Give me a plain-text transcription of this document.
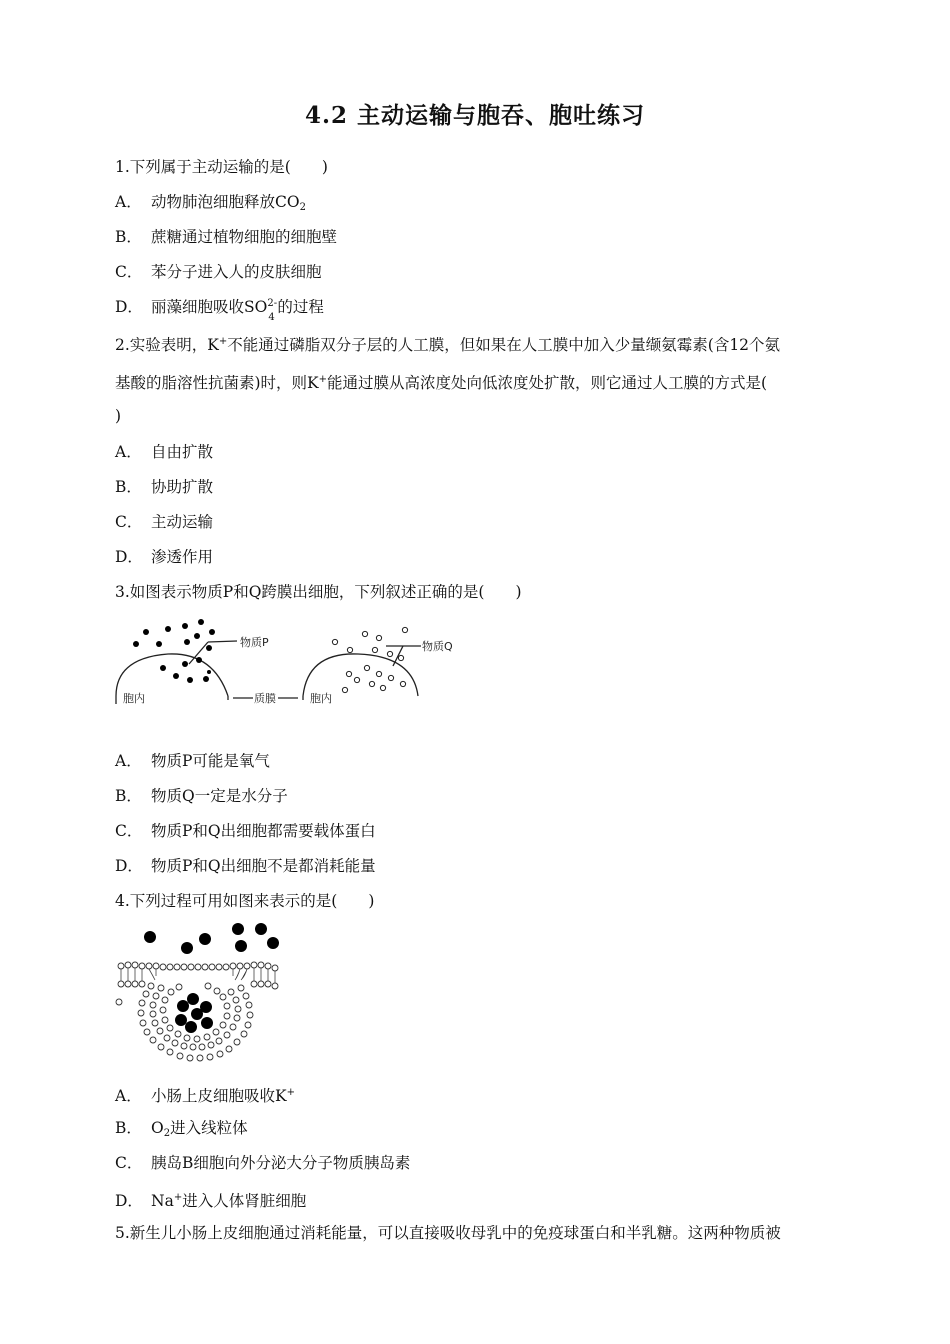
4.2 主动运输与胞吞、胞吐练习
1.下列属于主动运输的是(　　)
A． 动物肺泡细胞释放$CO_2$
B． 蔗糖通过植物细胞的细胞壁
C． 苯分子进入人的皮肤细胞
D． 丽藻细胞吸收SO 2-
4
的过程
2.实验表明，K+不能通过磷脂双分子层的人工膜，但如果在人工膜中加入少量缬氨霉素(含12个氨
基酸的脂溶性抗菌素)时，则K+能通过膜从高浓度处向低浓度处扩散，则它通过人工膜的方式是(
)
A． 自由扩散
B． 协助扩散
C． 主动运输
D． 渗透作用
3.如图表示物质P和Q跨膜出细胞，下列叙述正确的是(　　)
物质P	物质Q
胞内	胞内
质膜
A． 物质P可能是氧气
B． 物质Q一定是水分子
C． 物质P和Q出细胞都需要载体蛋白
D． 物质P和Q出细胞不是都消耗能量
4.下列过程可用如图来表示的是(　　)
A． 小肠上皮细胞吸收K+
B． $O_2$进入线粒体
C． 胰岛B细胞向外分泌大分子物质胰岛素
D． Na+进入人体肾脏细胞
5.新生儿小肠上皮细胞通过消耗能量，可以直接吸收母乳中的免疫球蛋白和半乳糖。这两种物质被
